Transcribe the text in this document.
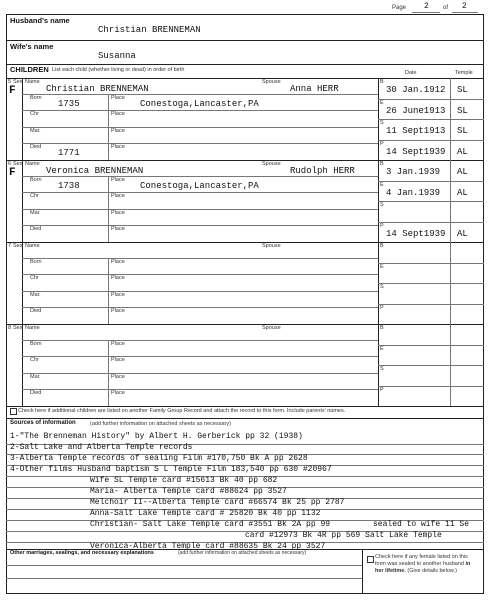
Page 2 of 2
Husband's name
Christian BRENNEMAN
Wife's name
Susanna
CHILDREN List each child (whether living or dead) in order of birth	Date	Temple
5 Sex
F
Name
Christian BRENNEMAN
Spouse
Anna HERR
Born
1735
Place
Conestoga,Lancaster,PA
B
30 Jan.1912 SL
Chr	Place
E
26 June1913 SL
Mar.	Place
S
11 Sept1913 SL
Died
1771
Place
P
14 Sept1939 AL
6 Sex
F
Name
Veronica BRENNEMAN
Spouse
Rudolph HERR
Born
1738
Place
Conestoga,Lancaster,PA
B
3 Jan.1939 AL
Chr	Place
E
4 Jan.1939 AL
Mar.	Place
S
Died	Place
P
14 Sept1939 AL
7 Sex Name	Spouse
Born	Place
B
Chr	Place
E
Mar.	Place
S
Died	Place
P
8 Sex Name	Spouse
Born	Place
B
Chr	Place
E
Mar.	Place
S
Died	Place
P
Check here if additional children are listed on another Family Group Record and attach the record to this form. Include parents' names.
Sources of information	(add further information on attached sheets as necessary)
1-"The Brenneman History" by Albert H. Gerberick pp 32 (1938)
2-Salt Lake and Alberta Temple records
3-Alberta Temple records of sealing Film #170,750 Bk A pp 2628
4-Other films Husband baptism S L Temple Film 183,540 pp 630 #20967
Wife SL Temple card #15613 Bk 40 pp 682
Maria- Alberta Temple card #88624 pp 3527
Melchoir II--Alberta Temple card #66574 Bk 25 pp 2787
Anna-Salt Lake Temple card # 25820 Bk 40 pp 1132
Christian- Salt Lake Temple card #3551 Bk 2A pp 99	sealed to wife 11 Se
card #12973 Bk 4R pp 569 Salt Lake Temple
Veronica-Alberta Temple card #88635 Bk 24 pp 3527
Other marriages, sealings, and necessary explanations	(add further information on attached sheets as necessary)
Check here if any female listed on this form was sealed to another husband in her lifetime. (Give details below.)
